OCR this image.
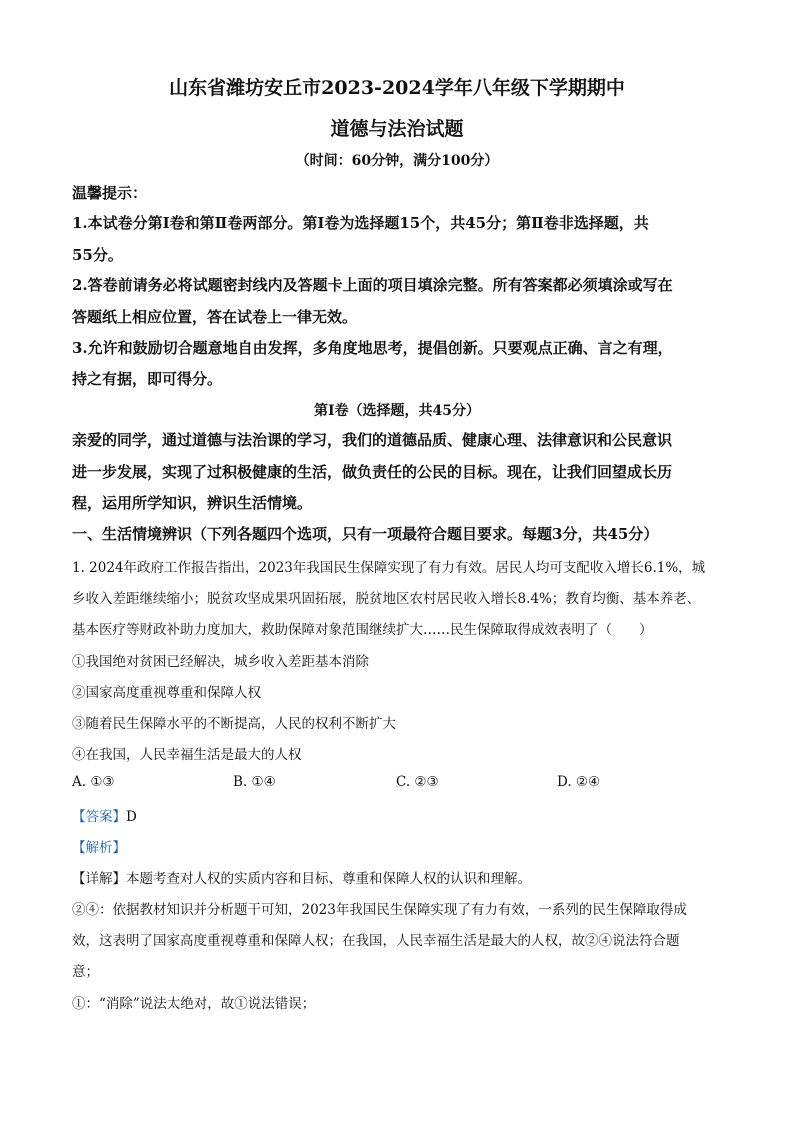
山东省潍坊安丘市2023-2024学年八年级下学期期中
道德与法治试题
（时间：60分钟，满分100分）
温馨提示：
1.本试卷分第Ⅰ卷和第Ⅱ卷两部分。第Ⅰ卷为选择题15个，共45分；第Ⅱ卷非选择题，共
55分。
2.答卷前请务必将试题密封线内及答题卡上面的项目填涂完整。所有答案都必须填涂或写在
答题纸上相应位置，答在试卷上一律无效。
3.允许和鼓励切合题意地自由发挥，多角度地思考，提倡创新。只要观点正确、言之有理，
持之有据，即可得分。
第Ⅰ卷（选择题，共45分）
亲爱的同学，通过道德与法治课的学习，我们的道德品质、健康心理、法律意识和公民意识
进一步发展，实现了过积极健康的生活，做负责任的公民的目标。现在，让我们回望成长历
程，运用所学知识，辨识生活情境。
一、生活情境辨识（下列各题四个选项，只有一项最符合题目要求。每题3分，共45分）
1. 2024年政府工作报告指出，2023年我国民生保障实现了有力有效。居民人均可支配收入增长6.1%，城
乡收入差距继续缩小；脱贫攻坚成果巩固拓展，脱贫地区农村居民收入增长8.4%；教育均衡、基本养老、
基本医疗等财政补助力度加大，救助保障对象范围继续扩大……民生保障取得成效表明了（　　）
①我国绝对贫困已经解决，城乡收入差距基本消除
②国家高度重视尊重和保障人权
③随着民生保障水平的不断提高，人民的权利不断扩大
④在我国，人民幸福生活是最大的人权
A. ①③	B. ①④	C. ②③	D. ②④
【答案】D
【解析】
【详解】本题考查对人权的实质内容和目标、尊重和保障人权的认识和理解。
②④：依据教材知识并分析题干可知，2023年我国民生保障实现了有力有效，一系列的民生保障取得成
效，这表明了国家高度重视尊重和保障人权；在我国，人民幸福生活是最大的人权，故②④说法符合题
意；
①：“消除”说法太绝对，故①说法错误；
